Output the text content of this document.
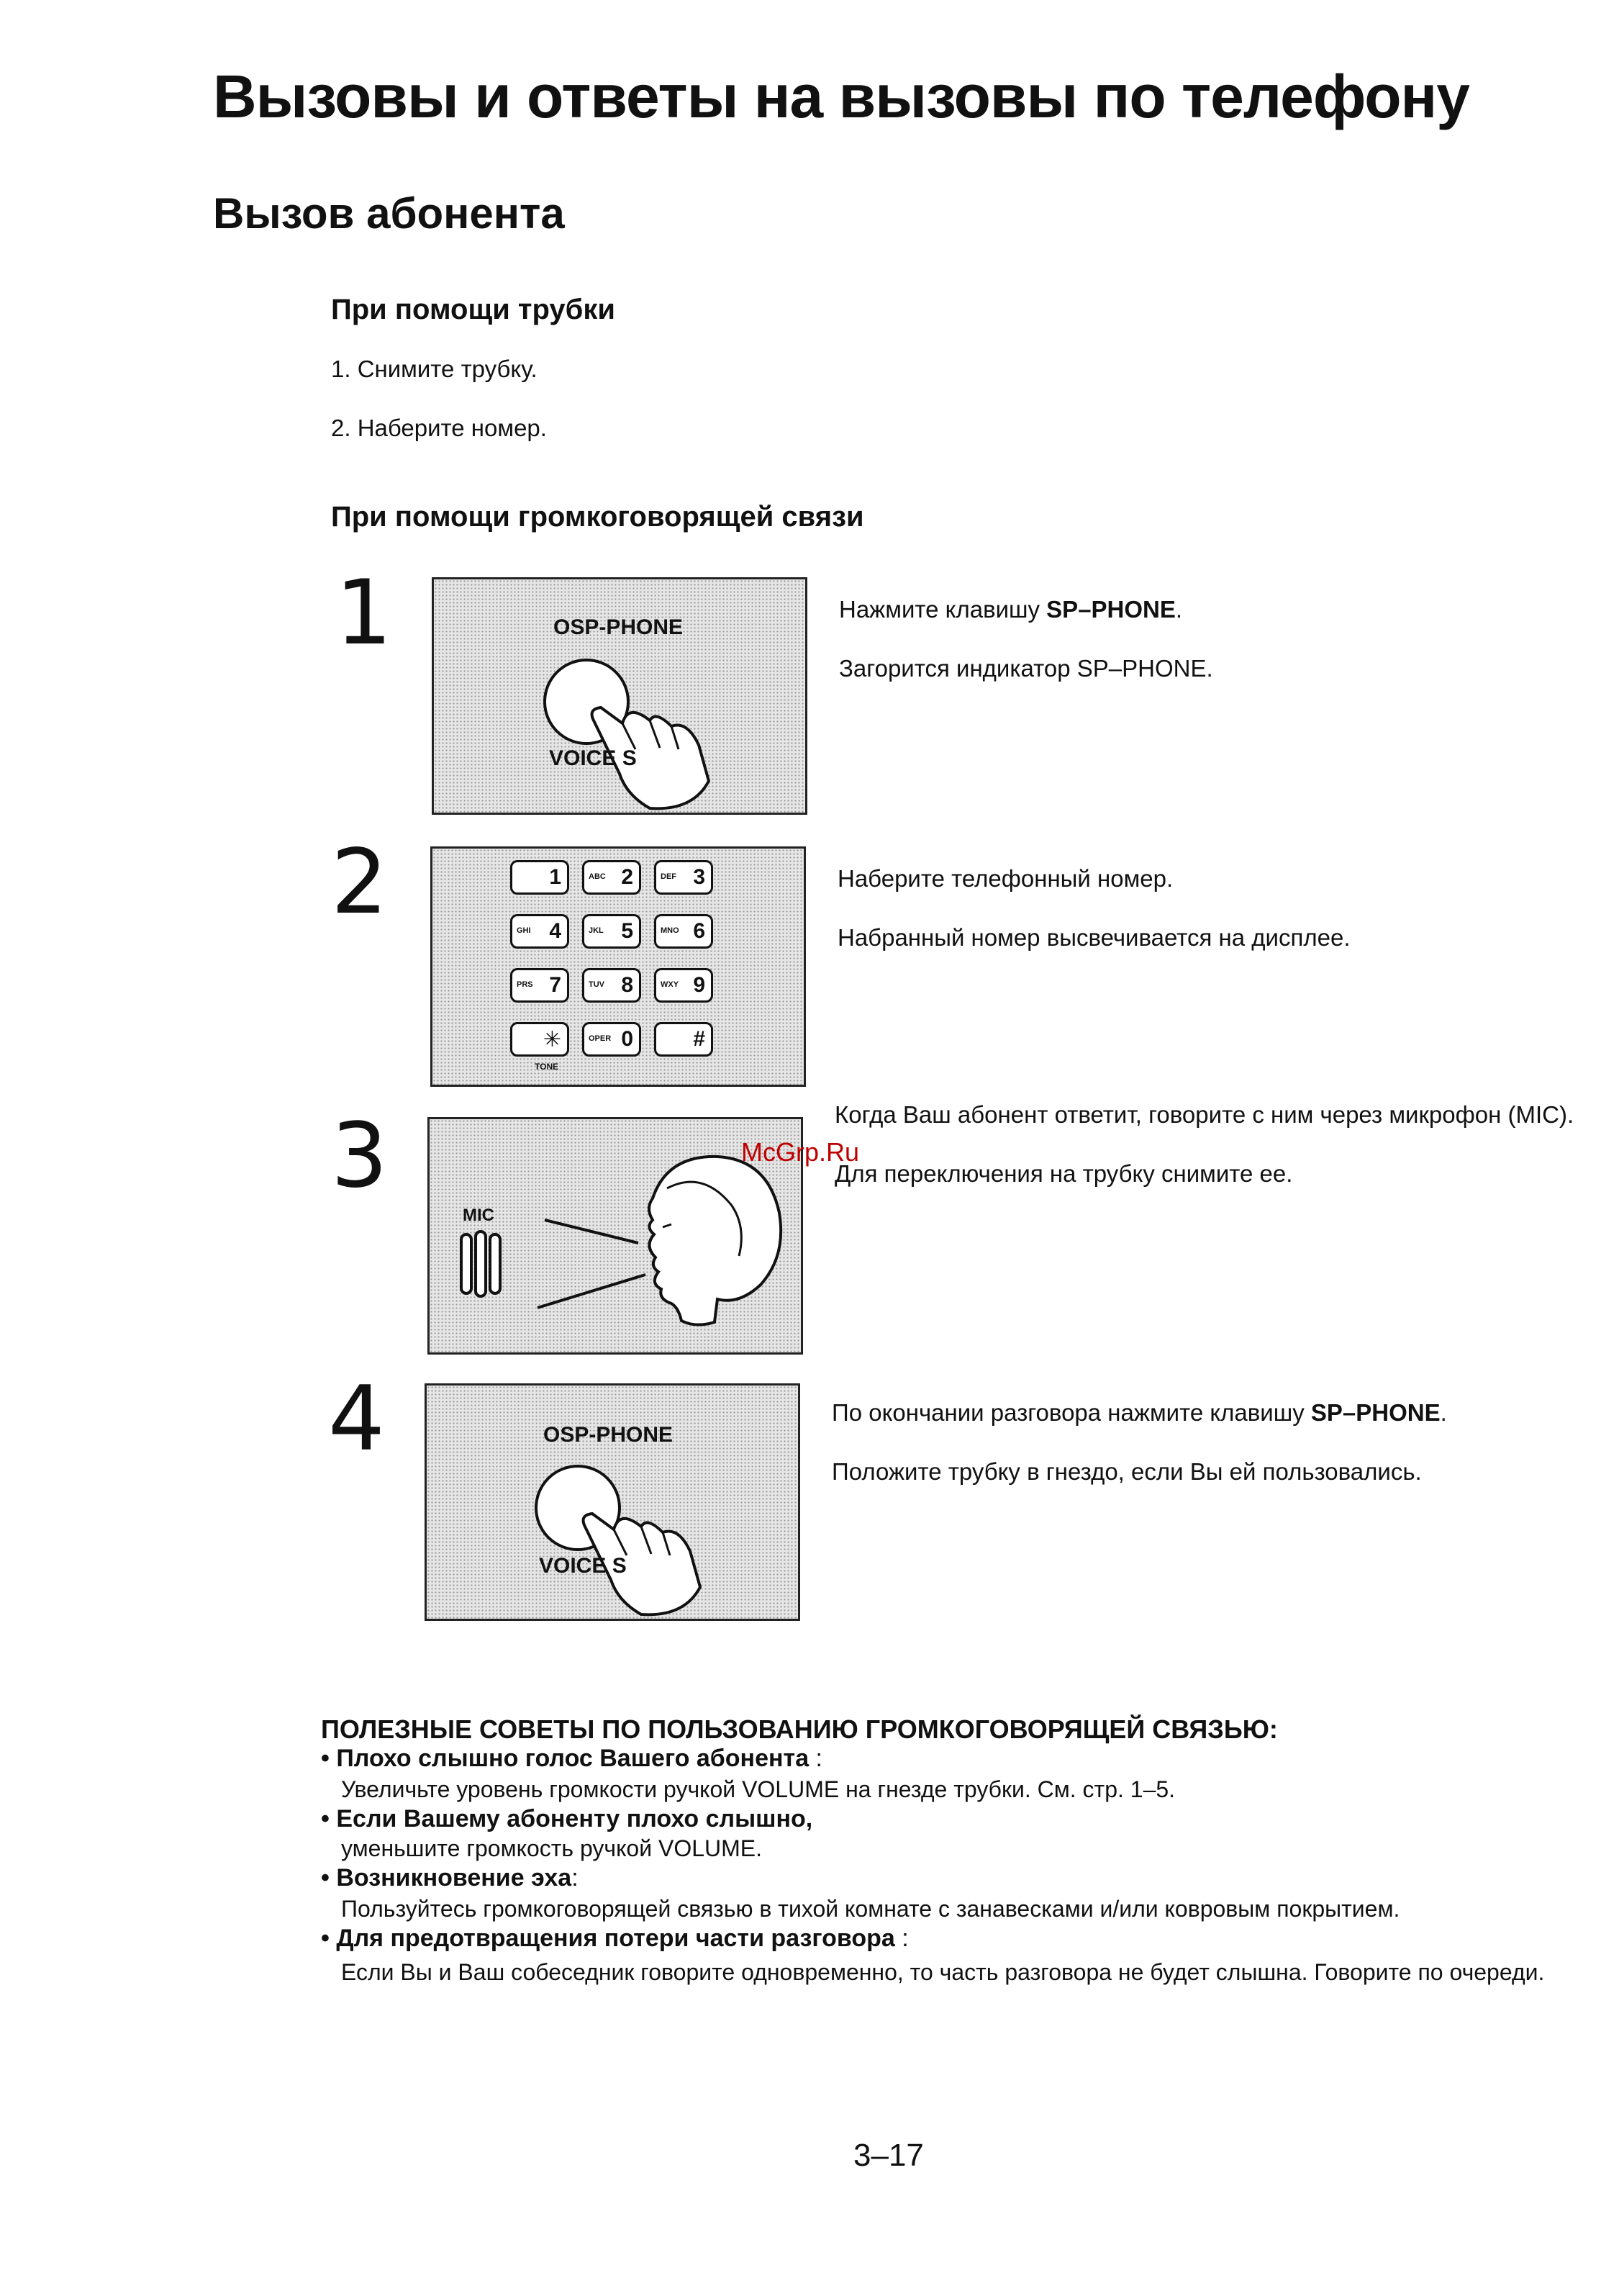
Вызовы и ответы на вызовы по телефону
Вызов абонента
При помощи трубки
1. Снимите трубку.
2. Наберите номер.
При помощи громкоговорящей связи
1	OSP-PHONE
VOICE S
Нажмите клавишу SP–PHONE.
Загорится индикатор SP–PHONE.
2	1	ABC 2	DEF 3
GHI 4	JKL 5	MNO 6
PRS 7	TUV 8	WXY 9
✳	OPER 0	#
TONE
Наберите телефонный номер.
Набранный номер высвечивается на дисплее.
3
MIC
Когда Ваш абонент ответит, говорите с ним через микрофон (MIC).
Для переключения на трубку снимите ее.
McGrp.Ru
4	OSP-PHONE
VOICE S
По окончании разговора нажмите клавишу SP–PHONE.
Положите трубку в гнездо, если Вы ей пользовались.
ПОЛЕЗНЫЕ СОВЕТЫ ПО ПОЛЬЗОВАНИЮ ГРОМКОГОВОРЯЩЕЙ СВЯЗЬЮ:
• Плохо слышно голос Вашего абонента :
Увеличьте уровень громкости ручкой VOLUME на гнезде трубки. См. стр. 1–5.
• Если Вашему абоненту плохо слышно,
уменьшите громкость ручкой VOLUME.
• Возникновение эха:
Пользуйтесь громкоговорящей связью в тихой комнате с занавесками и/или ковровым покрытием.
• Для предотвращения потери части разговора :
Если Вы и Ваш собеседник говорите одновременно, то часть разговора не будет слышна. Говорите по очереди.
3–17
